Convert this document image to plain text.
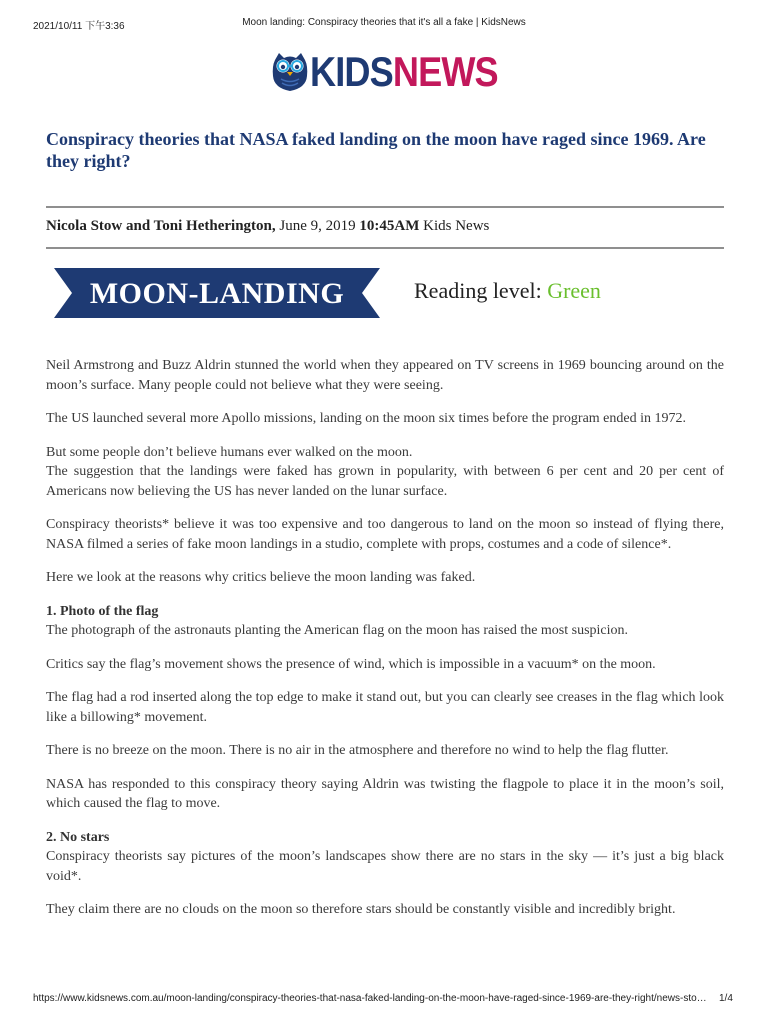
2021/10/11 下午3:36	Moon landing: Conspiracy theories that it's all a fake | KidsNews
KIDSNEWS
Conspiracy theories that NASA faked landing on the moon have raged since 1969. Are they right?
Nicola Stow and Toni Hetherington, June 9, 2019 10:45AM Kids News
MOON-LANDING	Reading level: Green

Neil Armstrong and Buzz Aldrin stunned the world when they appeared on TV screens in 1969 bouncing around on the moon’s surface. Many people could not believe what they were seeing.

The US launched several more Apollo missions, landing on the moon six times before the program ended in 1972.

But some people don’t believe humans ever walked on the moon.

The suggestion that the landings were faked has grown in popularity, with between 6 per cent and 20 per cent of Americans now believing the US has never landed on the lunar surface.

Conspiracy theorists* believe it was too expensive and too dangerous to land on the moon so instead of flying there, NASA filmed a series of fake moon landings in a studio, complete with props, costumes and a code of silence*.

Here we look at the reasons why critics believe the moon landing was faked.

1. Photo of the flag

The photograph of the astronauts planting the American flag on the moon has raised the most suspicion.

Critics say the flag’s movement shows the presence of wind, which is impossible in a vacuum* on the moon.

The flag had a rod inserted along the top edge to make it stand out, but you can clearly see creases in the flag which look like a billowing* movement.

There is no breeze on the moon. There is no air in the atmosphere and therefore no wind to help the flag flutter.

NASA has responded to this conspiracy theory saying Aldrin was twisting the flagpole to place it in the moon’s soil, which caused the flag to move.

2. No stars

Conspiracy theorists say pictures of the moon’s landscapes show there are no stars in the sky — it’s just a big black void*.

They claim there are no clouds on the moon so therefore stars should be constantly visible and incredibly bright.

https://www.kidsnews.com.au/moon-landing/conspiracy-theories-that-nasa-faked-landing-on-the-moon-have-raged-since-1969-are-they-right/news-sto…	1/4
